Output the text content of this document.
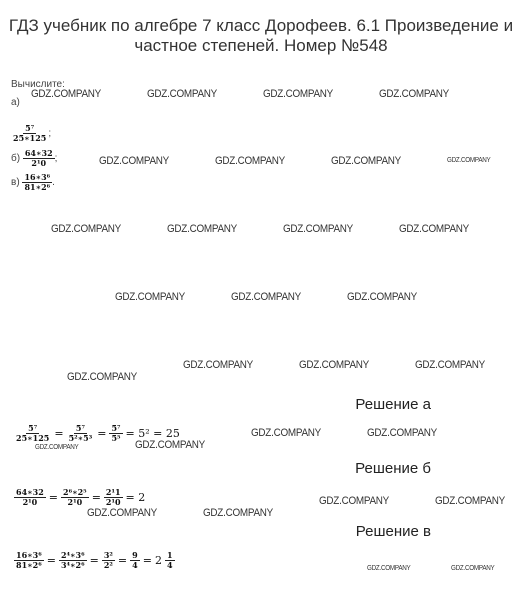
ГДЗ учебник по алгебре 7 класс Дорофеев. 6.1 Произведение и частное степеней. Номер №548
Вычислите:
а)
$\frac{\text{5⁷}}{25∗125}$ ;
$б) \frac{64∗32}{\text{2¹0}}$ ;
$в) \frac{\text{16∗3⁶}}{\text{81∗2⁶}}$ .
Решение а
$\frac{\text{5⁷}}{25∗125} = \frac{\text{5⁷}}{\text{5²∗5³}} = \frac{\text{5⁷}}{\text{5⁵}} = 5^2 = 25$
Решение б
$\frac{64∗32}{\text{2¹0}} = \frac{\text{2⁶∗2⁵}}{\text{2¹0}} = \frac{\text{2¹1}}{\text{2¹0}} = 2$
Решение в
$\frac{\text{16∗3⁶}}{\text{81∗2⁶}} = \frac{\text{2⁴∗3⁶}}{\text{3⁴∗2⁶}} = \frac{\text{3²}}{\text{2²}} = \frac{9}{4} = 2 \frac{1}{4}$
GDZ.COMPANY	GDZ.COMPANY	GDZ.COMPANY	GDZ.COMPANY
GDZ.COMPANY	GDZ.COMPANY	GDZ.COMPANY	GDZ.COMPANY
GDZ.COMPANY	GDZ.COMPANY	GDZ.COMPANY	GDZ.COMPANY
GDZ.COMPANY	GDZ.COMPANY	GDZ.COMPANY
GDZ.COMPANY	GDZ.COMPANY	GDZ.COMPANY
GDZ.COMPANY
GDZ.COMPANY	GDZ.COMPANY
GDZ.COMPANY
GDZ.COMPANY
GDZ.COMPANY	GDZ.COMPANY
GDZ.COMPANY	GDZ.COMPANY
GDZ.COMPANY	GDZ.COMPANY
